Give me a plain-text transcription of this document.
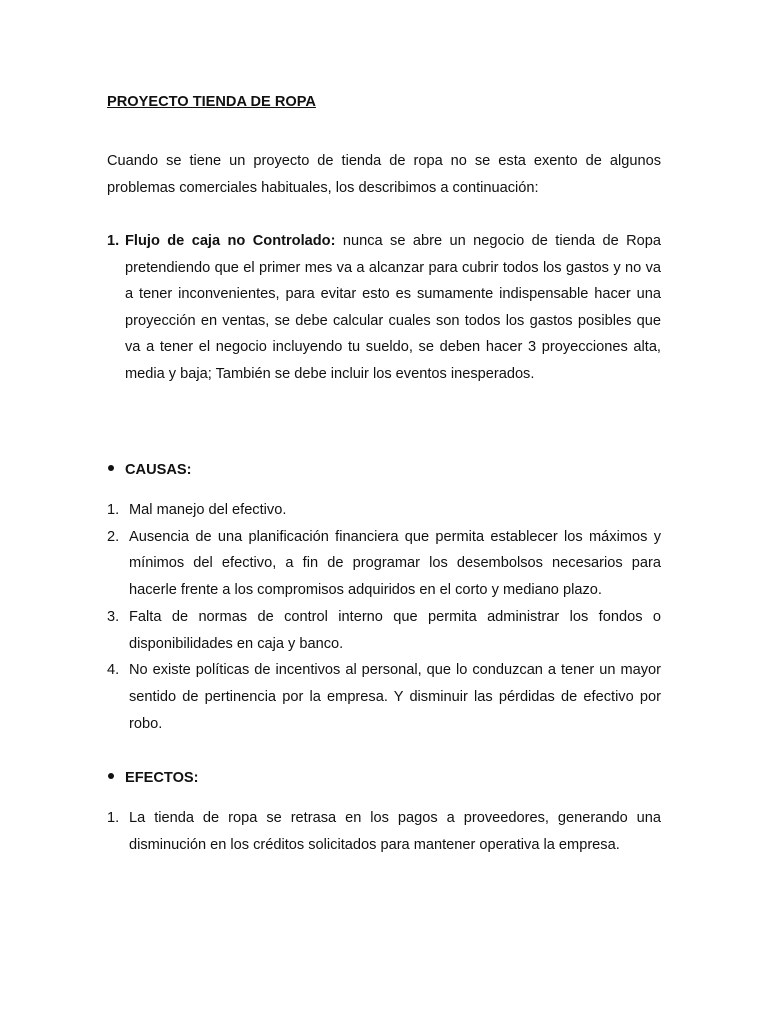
PROYECTO TIENDA DE ROPA

Cuando se tiene un proyecto de tienda de ropa no se esta exento de algunos problemas comerciales habituales, los describimos a continuación:

1. Flujo de caja no Controlado: nunca se abre un negocio de tienda de Ropa pretendiendo que el primer mes va a alcanzar para cubrir todos los gastos y no va a tener inconvenientes, para evitar esto es sumamente indispensable hacer una proyección en ventas, se debe calcular cuales son todos los gastos posibles que va a tener el negocio incluyendo tu sueldo, se deben hacer 3 proyecciones alta, media y baja; También se debe incluir los eventos inesperados.

CAUSAS:

1. Mal manejo del efectivo.
2. Ausencia de una planificación financiera que permita establecer los máximos y mínimos del efectivo, a fin de programar los desembolsos necesarios para hacerle frente a los compromisos adquiridos en el corto y mediano plazo.
3. Falta de normas de control interno que permita administrar los fondos o disponibilidades en caja y banco.
4. No existe políticas de incentivos al personal, que lo conduzcan a tener un mayor sentido de pertinencia por la empresa. Y disminuir las pérdidas de efectivo por robo.

EFECTOS:

1. La tienda de ropa se retrasa en los pagos a proveedores, generando una disminución en los créditos solicitados para mantener operativa la empresa.
